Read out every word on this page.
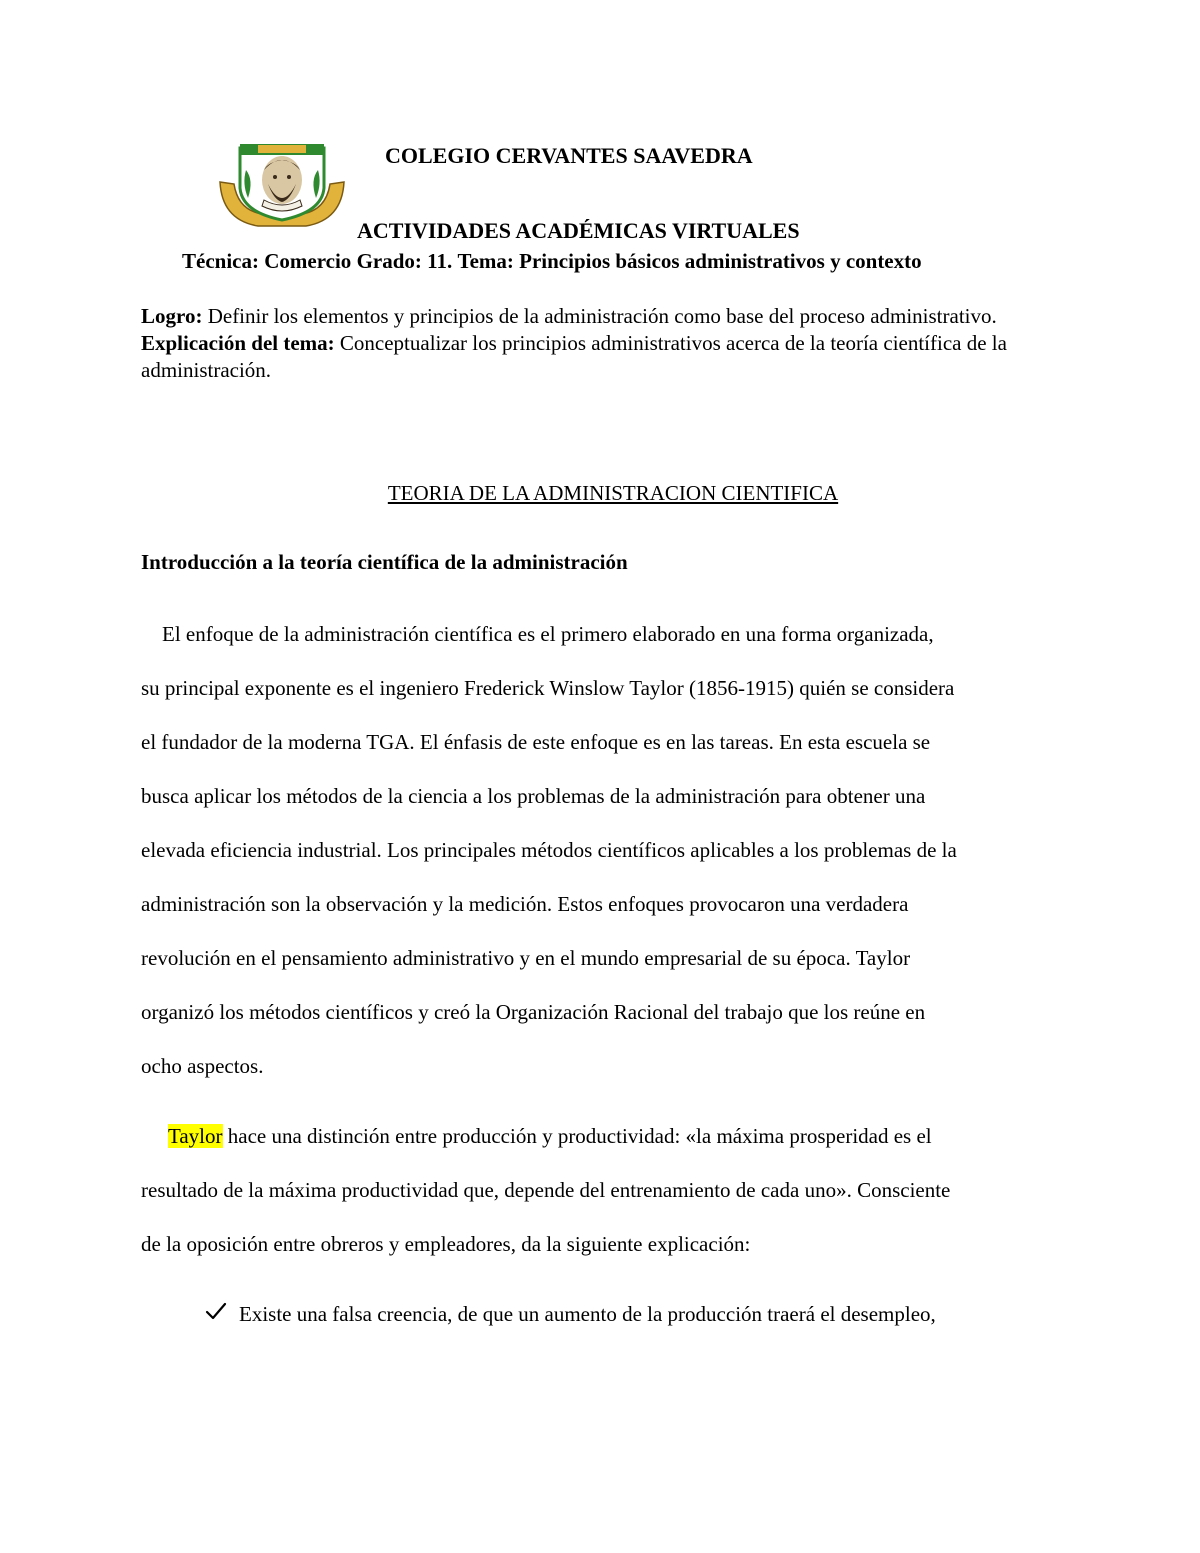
COLEGIO CERVANTES SAAVEDRA
ACTIVIDADES ACADÉMICAS VIRTUALES
Técnica: Comercio Grado: 11. Tema: Principios básicos administrativos y contexto
Logro: Definir los elementos y principios de la administración como base del proceso administrativo.
Explicación del tema: Conceptualizar los principios administrativos acerca de la teoría científica de la administración.
TEORIA DE LA ADMINISTRACION CIENTIFICA
Introducción a la teoría científica de la administración
El enfoque de la administración científica es el primero elaborado en una forma organizada,
su principal exponente es el ingeniero Frederick Winslow Taylor (1856-1915) quién se considera
el fundador de la moderna TGA. El énfasis de este enfoque es en las tareas. En esta escuela se
busca aplicar los métodos de la ciencia a los problemas de la administración para obtener una
elevada eficiencia industrial. Los principales métodos científicos aplicables a los problemas de la
administración son la observación y la medición. Estos enfoques provocaron una verdadera
revolución en el pensamiento administrativo y en el mundo empresarial de su época. Taylor
organizó los métodos científicos y creó la Organización Racional del trabajo que los reúne en
ocho aspectos.
Taylor hace una distinción entre producción y productividad: «la máxima prosperidad es el
resultado de la máxima productividad que, depende del entrenamiento de cada uno». Consciente
de la oposición entre obreros y empleadores, da la siguiente explicación:
Existe una falsa creencia, de que un aumento de la producción traerá el desempleo,
